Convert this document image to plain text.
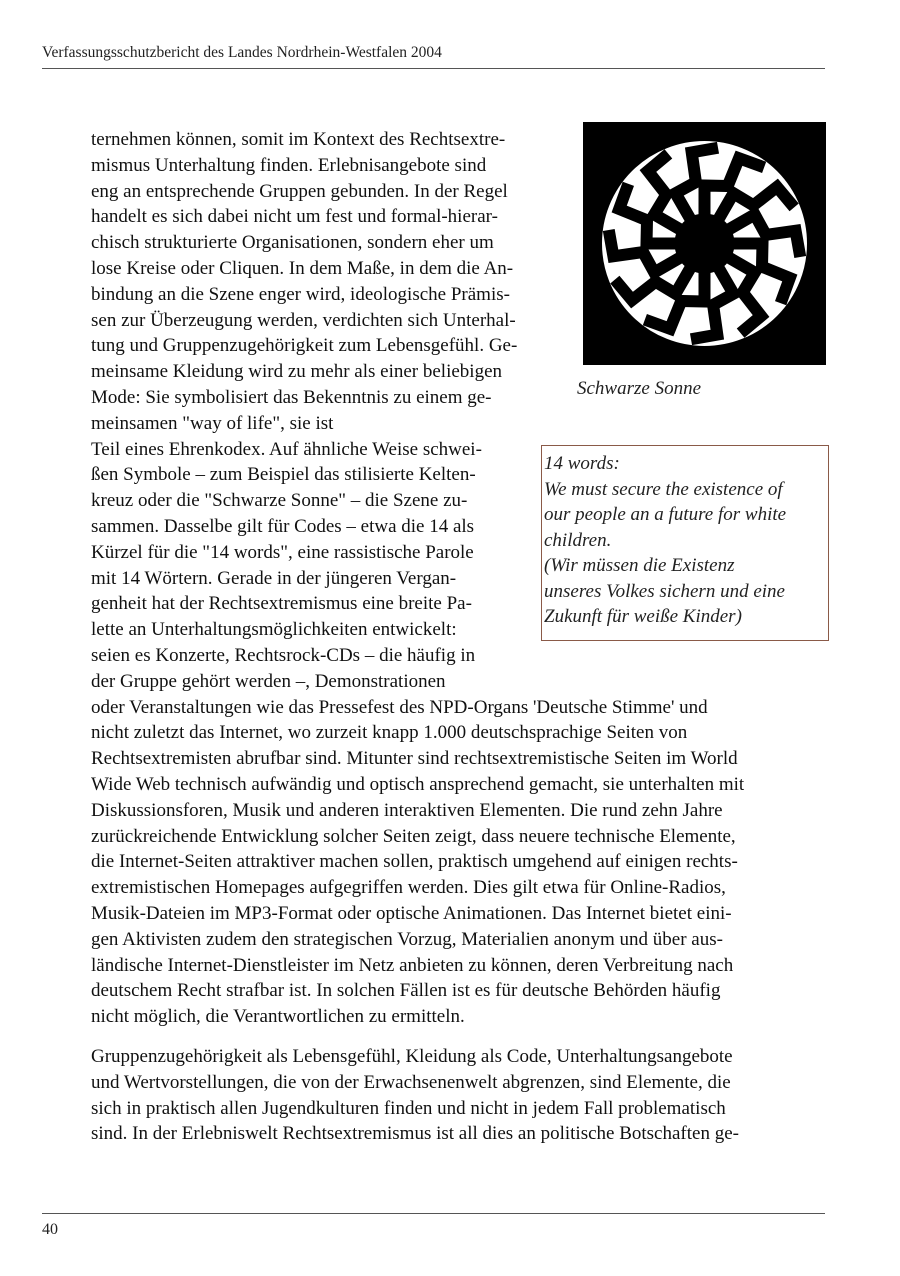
Verfassungsschutzbericht des Landes Nordrhein-Westfalen 2004
Schwarze Sonne
14 words:
We must secure the existence of
our people an a future for white
children.
(Wir müssen die Existenz
unseres Volkes sichern und eine
Zukunft für weiße Kinder)
ternehmen können, somit im Kontext des Rechtsextre-
mismus Unterhaltung finden. Erlebnisangebote sind
eng an entsprechende Gruppen gebunden. In der Regel
handelt es sich dabei nicht um fest und formal-hierar-
chisch strukturierte Organisationen, sondern eher um
lose Kreise oder Cliquen. In dem Maße, in dem die An-
bindung an die Szene enger wird, ideologische Prämis-
sen zur Überzeugung werden, verdichten sich Unterhal-
tung und Gruppenzugehörigkeit zum Lebensgefühl. Ge-
meinsame Kleidung wird zu mehr als einer beliebigen
Mode: Sie symbolisiert das Bekenntnis zu einem ge-
meinsamen "way of life", sie ist
Teil eines Ehrenkodex. Auf ähnliche Weise schwei-
ßen Symbole – zum Beispiel das stilisierte Kelten-
kreuz oder die "Schwarze Sonne" – die Szene zu-
sammen. Dasselbe gilt für Codes – etwa die 14 als
Kürzel für die "14 words", eine rassistische Parole
mit 14 Wörtern. Gerade in der jüngeren Vergan-
genheit hat der Rechtsextremismus eine breite Pa-
lette an Unterhaltungsmöglichkeiten entwickelt:
seien es Konzerte, Rechtsrock-CDs – die häufig in
der Gruppe gehört werden –, Demonstrationen
oder Veranstaltungen wie das Pressefest des NPD-Organs 'Deutsche Stimme' und
nicht zuletzt das Internet, wo zurzeit knapp 1.000 deutschsprachige Seiten von
Rechtsextremisten abrufbar sind. Mitunter sind rechtsextremistische Seiten im World
Wide Web technisch aufwändig und optisch ansprechend gemacht, sie unterhalten mit
Diskussionsforen, Musik und anderen interaktiven Elementen. Die rund zehn Jahre
zurückreichende Entwicklung solcher Seiten zeigt, dass neuere technische Elemente,
die Internet-Seiten attraktiver machen sollen, praktisch umgehend auf einigen rechts-
extremistischen Homepages aufgegriffen werden. Dies gilt etwa für Online-Radios,
Musik-Dateien im MP3-Format oder optische Animationen. Das Internet bietet eini-
gen Aktivisten zudem den strategischen Vorzug, Materialien anonym und über aus-
ländische Internet-Dienstleister im Netz anbieten zu können, deren Verbreitung nach
deutschem Recht strafbar ist. In solchen Fällen ist es für deutsche Behörden häufig
nicht möglich, die Verantwortlichen zu ermitteln.
Gruppenzugehörigkeit als Lebensgefühl, Kleidung als Code, Unterhaltungsangebote
und Wertvorstellungen, die von der Erwachsenenwelt abgrenzen, sind Elemente, die
sich in praktisch allen Jugendkulturen finden und nicht in jedem Fall problematisch
sind. In der Erlebniswelt Rechtsextremismus ist all dies an politische Botschaften ge-
40
